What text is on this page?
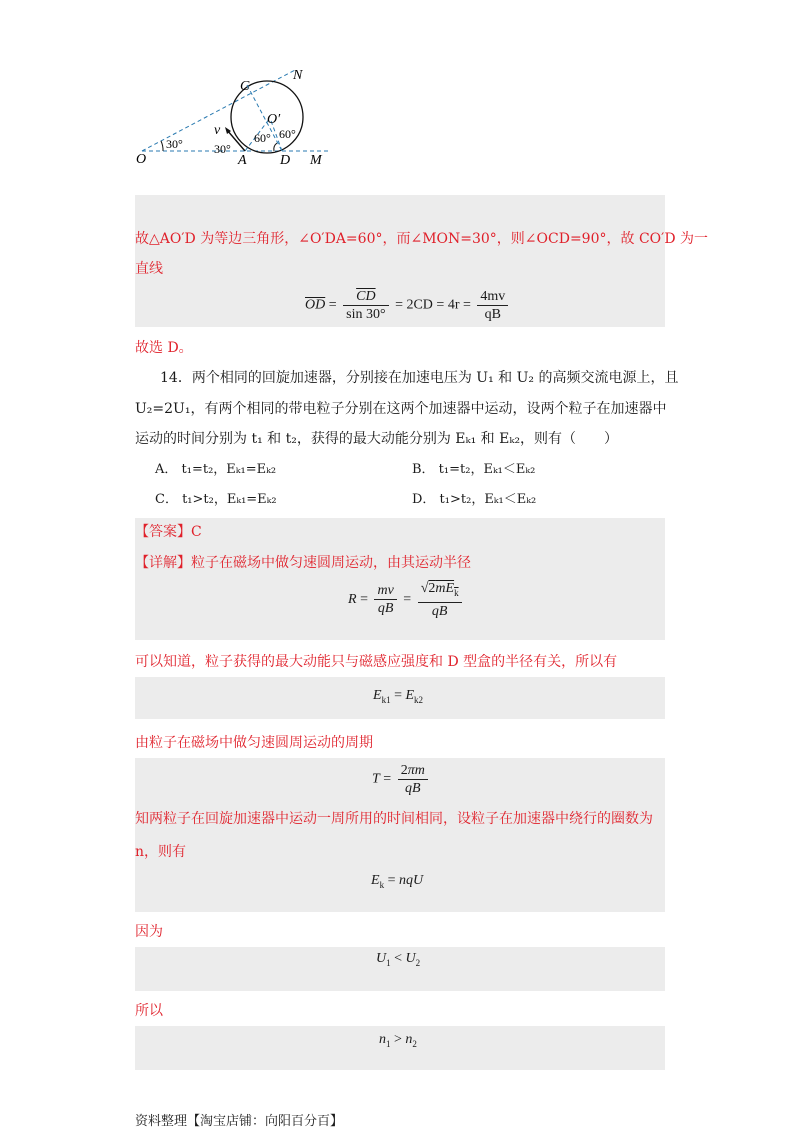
O
30°	30°
A D M
C
N
O′
v	60° 60°
故△AO′D 为等边三角形，∠O′DA=60°，而∠MON=30°，则∠OCD=90°，故 CO′D 为一
直线
$\overline{OD} = \frac{\overline{CD}}{\sin 30^\circ} = 2CD = 4r = \frac{4mv}{qB}$
故选 D。
14．两个相同的回旋加速器，分别接在加速电压为 U₁ 和 U₂ 的高频交流电源上，且
U₂=2U₁，有两个相同的带电粒子分别在这两个加速器中运动，设两个粒子在加速器中
运动的时间分别为 t₁ 和 t₂，获得的最大动能分别为 Eₖ₁ 和 Eₖ₂，则有（　　）
A． t₁=t₂，Eₖ₁=Eₖ₂	B． t₁=t₂，Eₖ₁＜Eₖ₂
C． t₁>t₂，Eₖ₁=Eₖ₂	D． t₁>t₂，Eₖ₁＜Eₖ₂
【答案】C
【详解】粒子在磁场中做匀速圆周运动，由其运动半径
$R = \frac{mv}{qB} = \frac{√2mE_k}{qB}$
可以知道，粒子获得的最大动能只与磁感应强度和 D 型盒的半径有关，所以有
$E_{k1} = E_{k2}$
由粒子在磁场中做匀速圆周运动的周期
$T = \frac{2\pi m}{qB}$
知两粒子在回旋加速器中运动一周所用的时间相同，设粒子在加速器中绕行的圈数为
n，则有
$E_k$ = nqU
因为
$U_1 < U_2$
所以
$n_1 > n_2$
资料整理【淘宝店铺：向阳百分百】
